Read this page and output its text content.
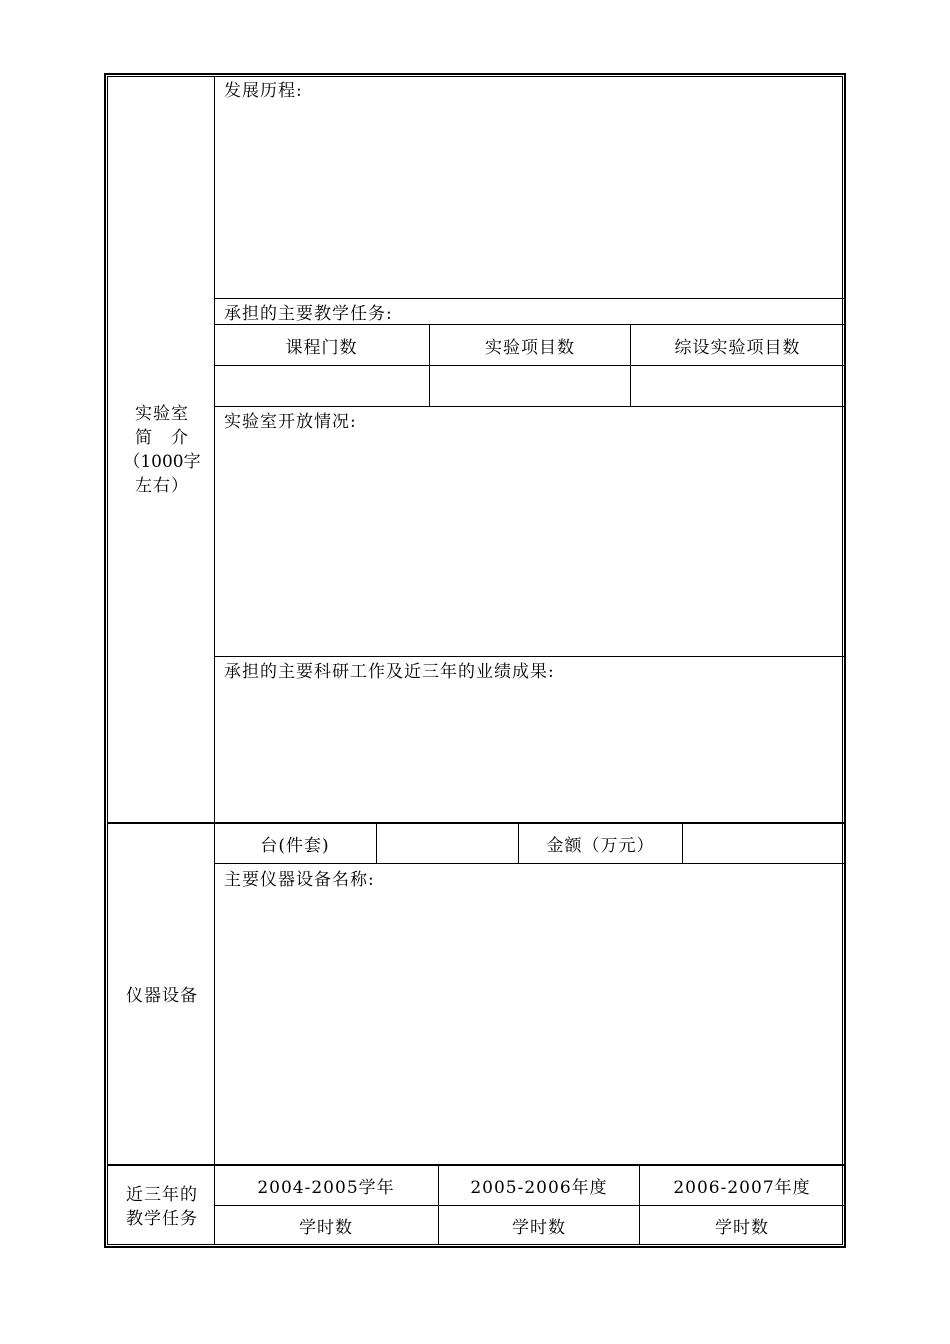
实验室
简　介
（1000字
左右）
发展历程:
承担的主要教学任务:
课程门数	实验项目数	综设实验项目数
实验室开放情况:
承担的主要科研工作及近三年的业绩成果:
仪器设备
台(件套)	金额（万元）
主要仪器设备名称:
近三年的
教学任务
2004-2005学年	2005-2006年度	2006-2007年度
学时数	学时数	学时数
